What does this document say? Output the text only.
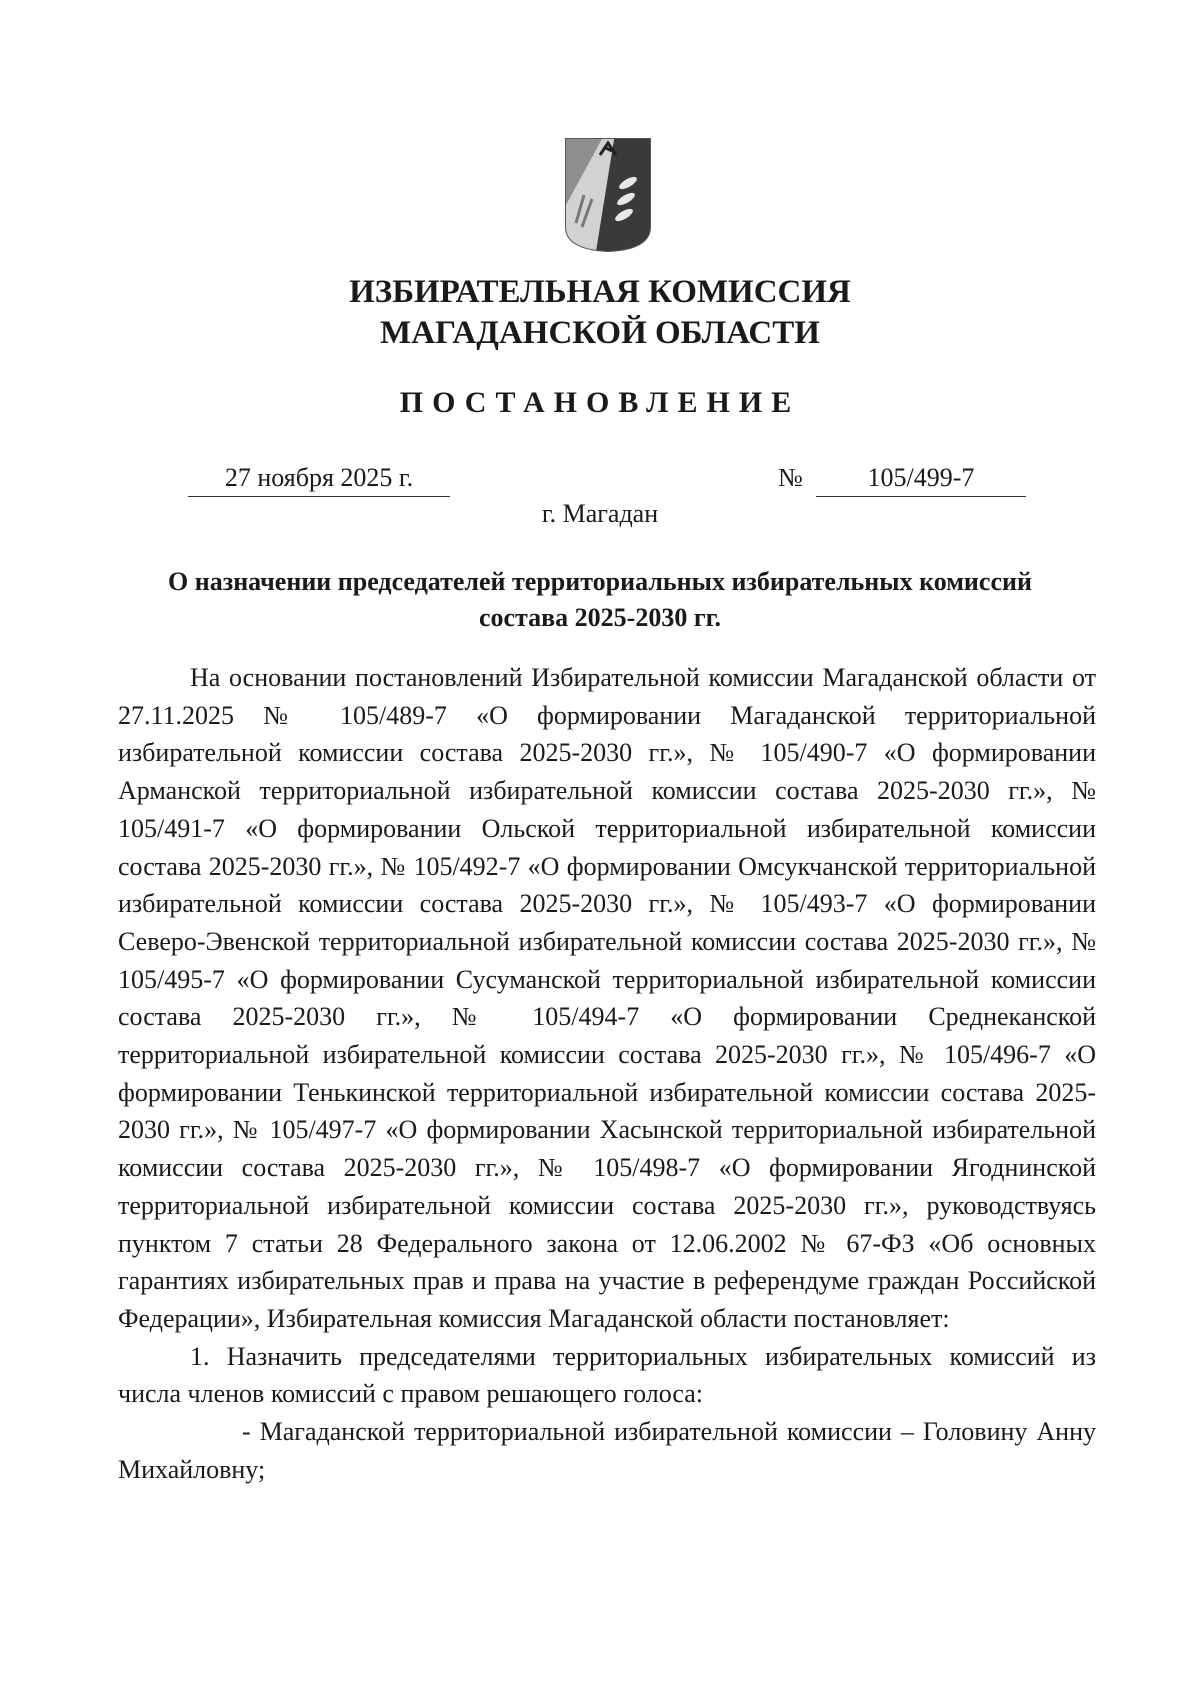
ИЗБИРАТЕЛЬНАЯ КОМИССИЯ
МАГАДАНСКОЙ ОБЛАСТИ
ПОСТАНОВЛЕНИЕ
27 ноября 2025 г.	№	105/499-7
г. Магадан
О назначении председателей территориальных избирательных комиссий
состава 2025-2030 гг.

На основании постановлений Избирательной комиссии Магаданской области от 27.11.2025 № 105/489-7 «О формировании Магаданской территориальной избирательной комиссии состава 2025-2030 гг.», № 105/490-7 «О формировании Арманской территориальной избирательной комиссии состава 2025-2030 гг.», № 105/491-7 «О формировании Ольской территориальной избирательной комиссии состава 2025-2030 гг.», № 105/492-7 «О формировании Омсукчанской территориальной избирательной комиссии состава 2025-2030 гг.», № 105/493-7 «О формировании Северо-Эвенской территориальной избирательной комиссии состава 2025-2030 гг.», № 105/495-7 «О формировании Сусуманской территориальной избирательной комиссии состава 2025-2030 гг.», № 105/494-7 «О формировании Среднеканской территориальной избирательной комиссии состава 2025-2030 гг.», № 105/496-7 «О формировании Тенькинской территориальной избирательной комиссии состава 2025-2030 гг.», № 105/497-7 «О формировании Хасынской территориальной избирательной комиссии состава 2025-2030 гг.», № 105/498-7 «О формировании Ягоднинской территориальной избирательной комиссии состава 2025-2030 гг.», руководствуясь пунктом 7 статьи 28 Федерального закона от 12.06.2002 № 67-ФЗ «Об основных гарантиях избирательных прав и права на участие в референдуме граждан Российской Федерации», Избирательная комиссия Магаданской области постановляет:

1. Назначить председателями территориальных избирательных комиссий из числа членов комиссий с правом решающего голоса:

- Магаданской территориальной избирательной комиссии – Головину Анну Михайловну;
